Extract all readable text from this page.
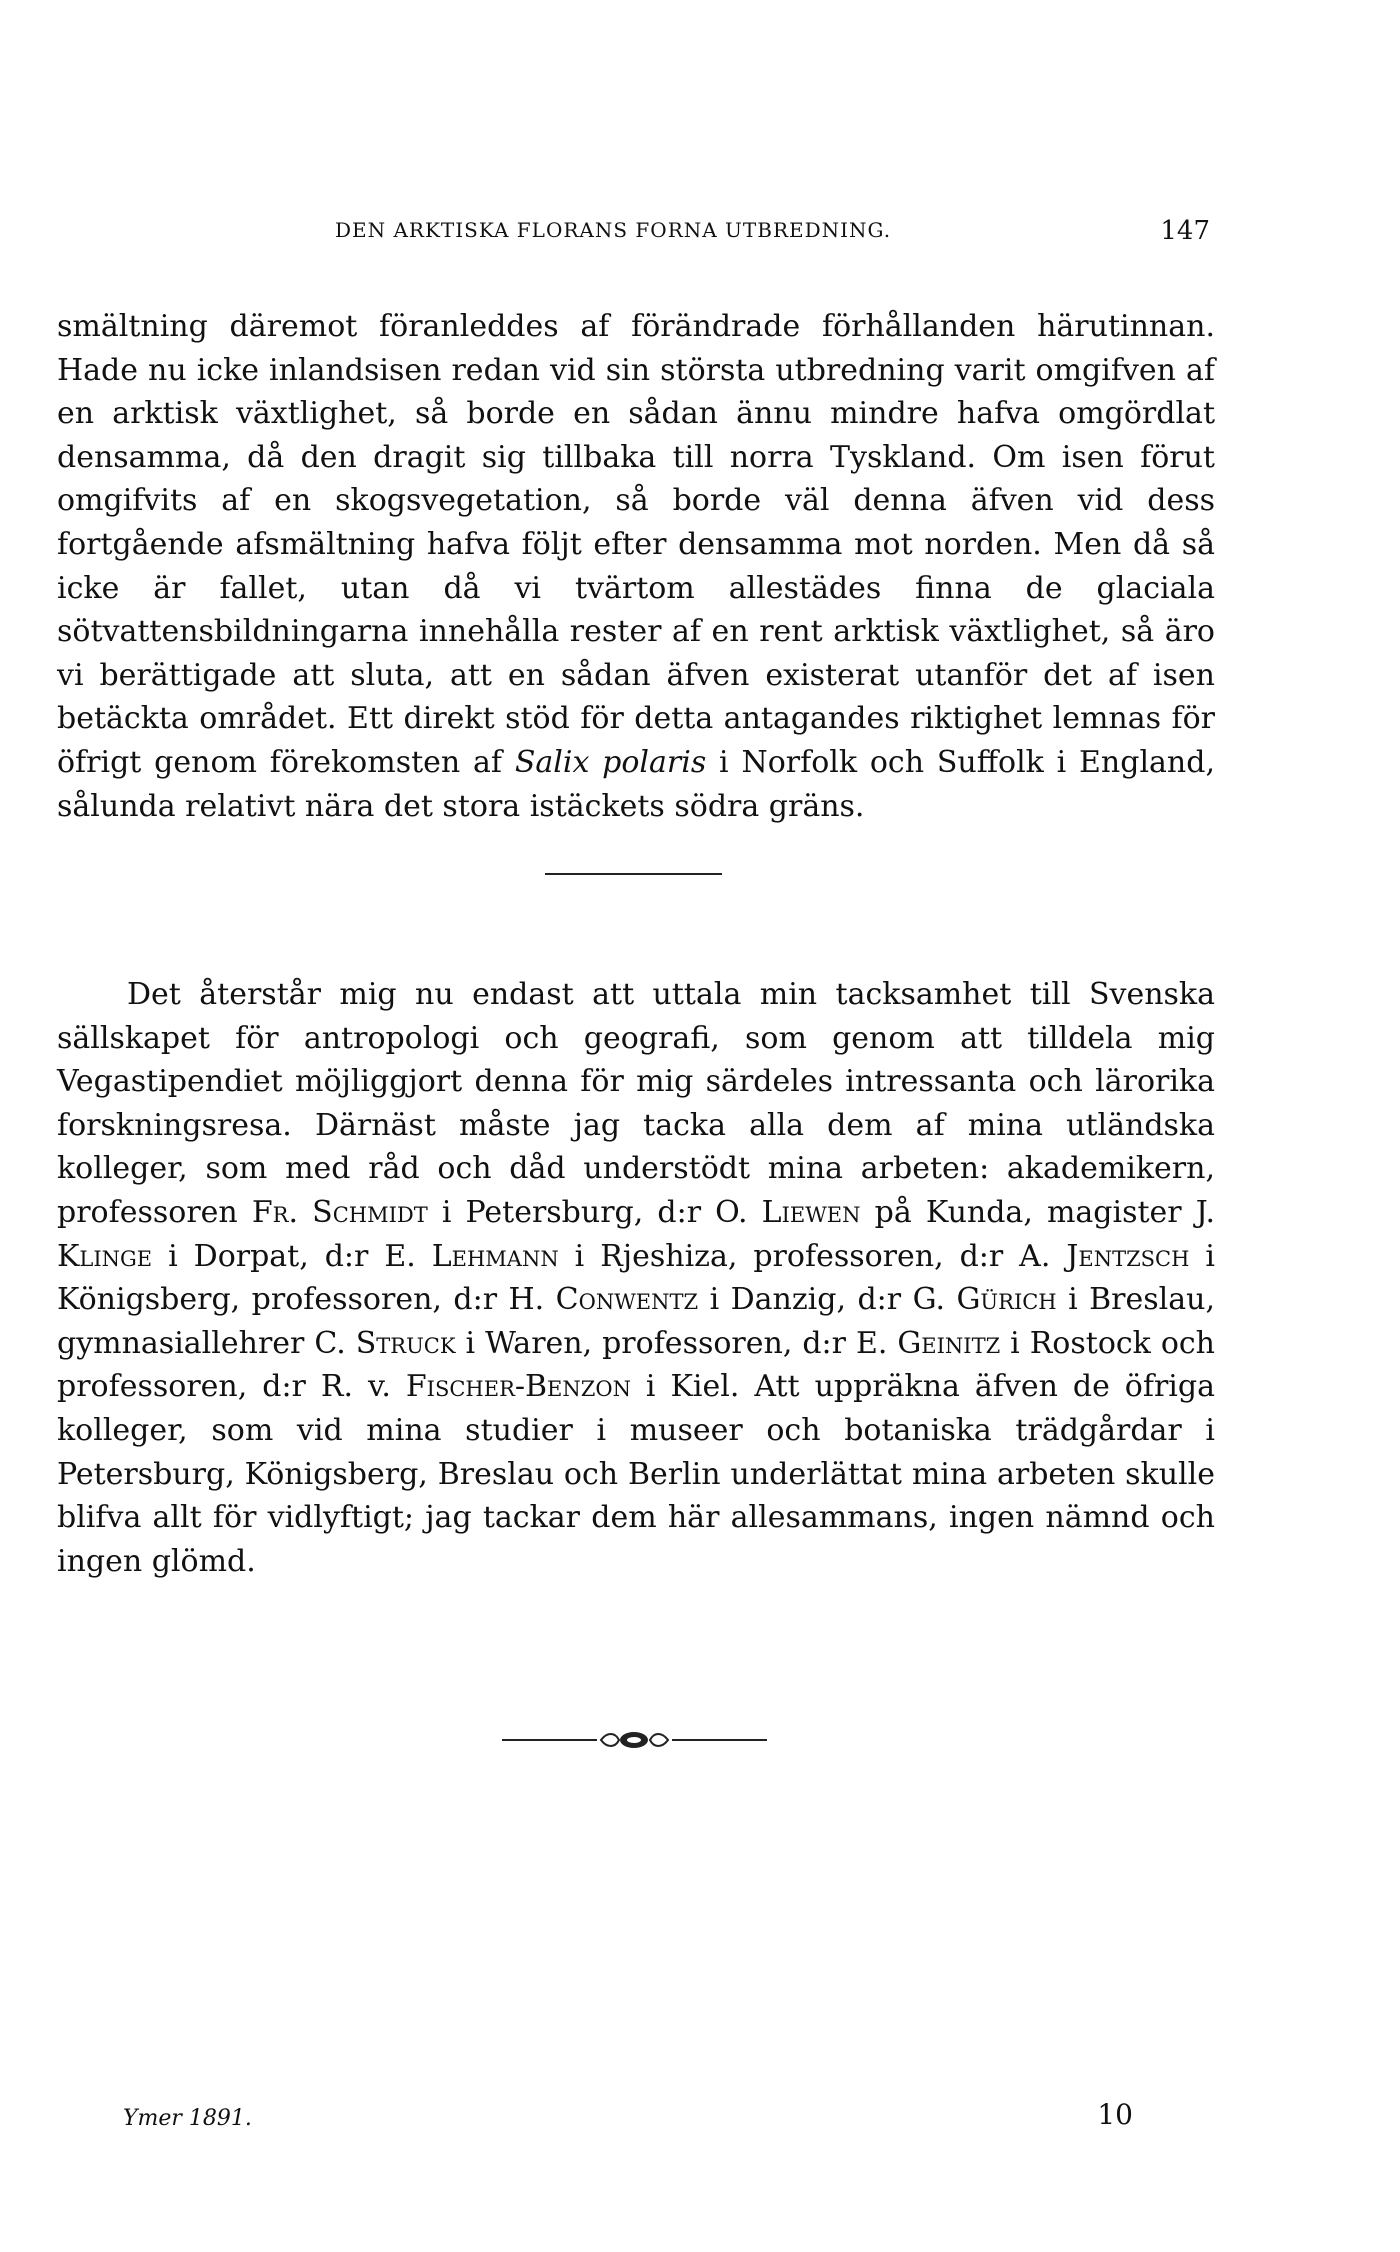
DEN ARKTISKA FLORANS FORNA UTBREDNING.	147

smältning däremot föranleddes af förändrade förhållanden härutinnan. Hade nu icke inlandsisen redan vid sin största utbredning varit omgifven af en arktisk växtlighet, så borde en sådan ännu mindre hafva omgördlat densamma, då den dragit sig tillbaka till norra Tyskland. Om isen förut omgifvits af en skogsvegetation, så borde väl denna äfven vid dess fortgående afsmältning hafva följt efter densamma mot norden. Men då så icke är fallet, utan då vi tvärtom allestädes finna de glaciala sötvattensbildningarna innehålla rester af en rent arktisk växtlighet, så äro vi berättigade att sluta, att en sådan äfven existerat utanför det af isen betäckta området. Ett direkt stöd för detta antagandes riktighet lemnas för öfrigt genom förekomsten af Salix polaris i Norfolk och Suffolk i England, sålunda relativt nära det stora istäckets södra gräns.

Det återstår mig nu endast att uttala min tacksamhet till Svenska sällskapet för antropologi och geografi, som genom att tilldela mig Vegastipendiet möjliggjort denna för mig särdeles intressanta och lärorika forskningsresa. Därnäst måste jag tacka alla dem af mina utländska kolleger, som med råd och dåd understödt mina arbeten: akademikern, professoren Fr. Schmidt i Petersburg, d:r O. Liewen på Kunda, magister J. Klinge i Dorpat, d:r E. Lehmann i Rjeshiza, professoren, d:r A. Jentzsch i Königsberg, professoren, d:r H. Conwentz i Danzig, d:r G. Gürich i Breslau, gymnasiallehrer C. Struck i Waren, professoren, d:r E. Geinitz i Rostock och professoren, d:r R. v. Fischer-Benzon i Kiel. Att uppräkna äfven de öfriga kolleger, som vid mina studier i museer och botaniska trädgårdar i Petersburg, Königsberg, Breslau och Berlin underlättat mina arbeten skulle blifva allt för vidlyftigt; jag tackar dem här allesammans, ingen nämnd och ingen glömd.

Ymer 1891.	10
